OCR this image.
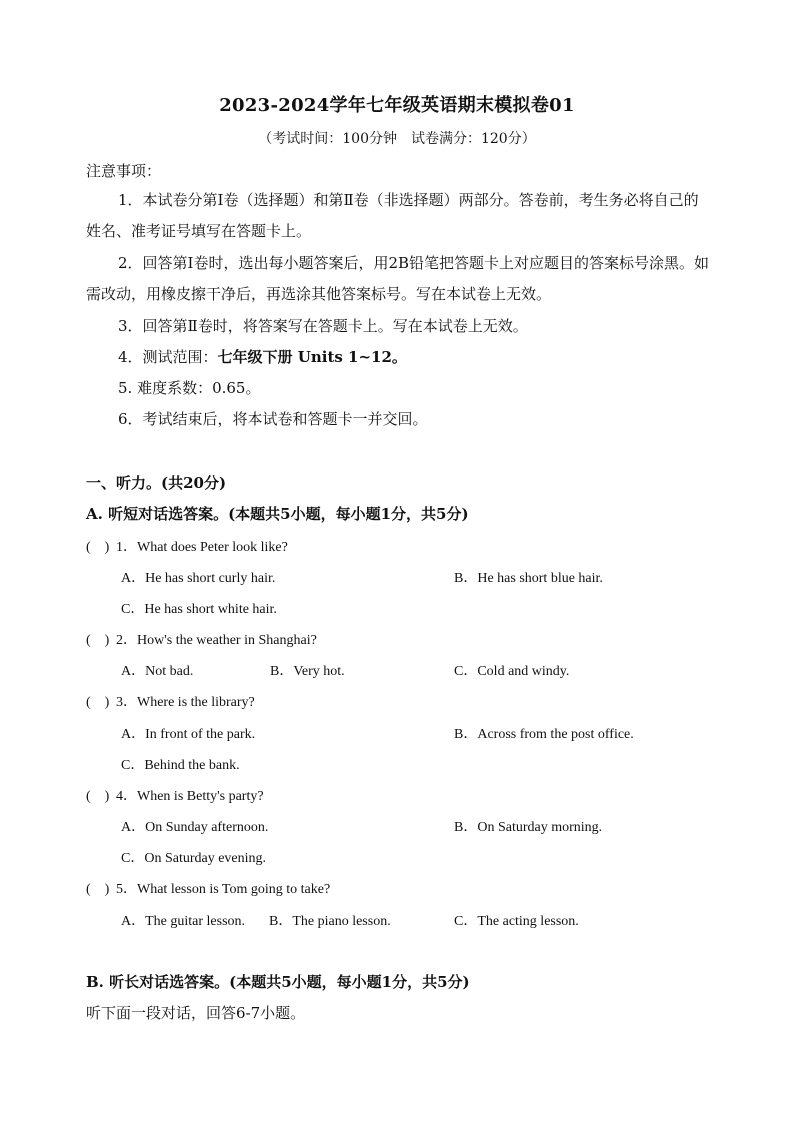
2023-2024学年七年级英语期末模拟卷01
（考试时间：100分钟　试卷满分：120分）
注意事项：
1．本试卷分第Ⅰ卷（选择题）和第Ⅱ卷（非选择题）两部分。答卷前，考生务必将自己的姓名、准考证号填写在答题卡上。
2．回答第Ⅰ卷时，选出每小题答案后，用2B铅笔把答题卡上对应题目的答案标号涂黑。如需改动，用橡皮擦干净后，再选涂其他答案标号。写在本试卷上无效。
3．回答第Ⅱ卷时，将答案写在答题卡上。写在本试卷上无效。
4．测试范围：七年级下册 Units 1~12。
5. 难度系数：0.65。
6．考试结束后，将本试卷和答题卡一并交回。
一、听力。(共20分)
A. 听短对话选答案。(本题共5小题，每小题1分，共5分)
(　) 1．What does Peter look like?
A．He has short curly hair.	B．He has short blue hair.
C．He has short white hair.
(　) 2．How's the weather in Shanghai?
A．Not bad.	B．Very hot.	C．Cold and windy.
(　) 3．Where is the library?
A．In front of the park.	B．Across from the post office.
C．Behind the bank.
(　) 4．When is Betty's party?
A．On Sunday afternoon.	B．On Saturday morning.
C．On Saturday evening.
(　) 5．What lesson is Tom going to take?
A．The guitar lesson. B．The piano lesson.	C．The acting lesson.
B. 听长对话选答案。(本题共5小题，每小题1分，共5分)
听下面一段对话，回答6-7小题。
